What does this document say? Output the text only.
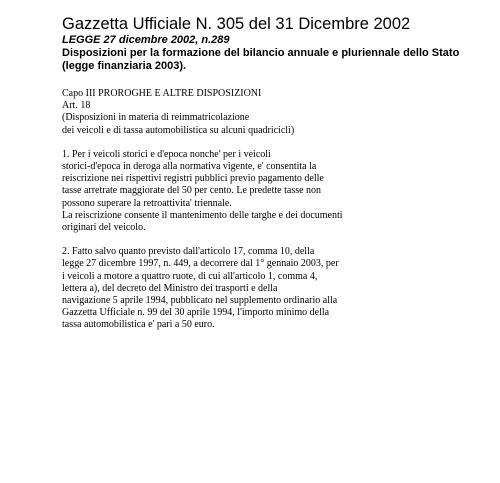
Gazzetta Ufficiale N. 305 del 31 Dicembre 2002

LEGGE 27 dicembre 2002, n.289

Disposizioni per la formazione del bilancio annuale e pluriennale dello Stato
(legge finanziaria 2003).

Capo III PROROGHE E ALTRE DISPOSIZIONI
Art. 18
(Disposizioni in materia di reimmatricolazione
dei veicoli e di tassa automobilistica su alcuni quadricicli)
1. Per i veicoli storici e d'epoca nonche' per i veicoli
storici-d'epoca in deroga alla normativa vigente, e' consentita la
reiscrizione nei rispettivi registri pubblici previo pagamento delle
tasse arretrate maggiorate del 50 per cento. Le predette tasse non
possono superare la retroattivita' triennale.
La reiscrizione consente il mantenimento delle targhe e dei documenti
originari del veicolo.
2. Fatto salvo quanto previsto dall'articolo 17, comma 10, della
legge 27 dicembre 1997, n. 449, a decorrere dal 1° gennaio 2003, per
i veicoli a motore a quattro ruote, di cui all'articolo 1, comma 4,
lettera a), del decreto del Ministro dei trasporti e della
navigazione 5 aprile 1994, pubblicato nel supplemento ordinario alla
Gazzetta Ufficiale n. 99 del 30 aprile 1994, l'importo minimo della
tassa automobilistica e' pari a 50 euro.
